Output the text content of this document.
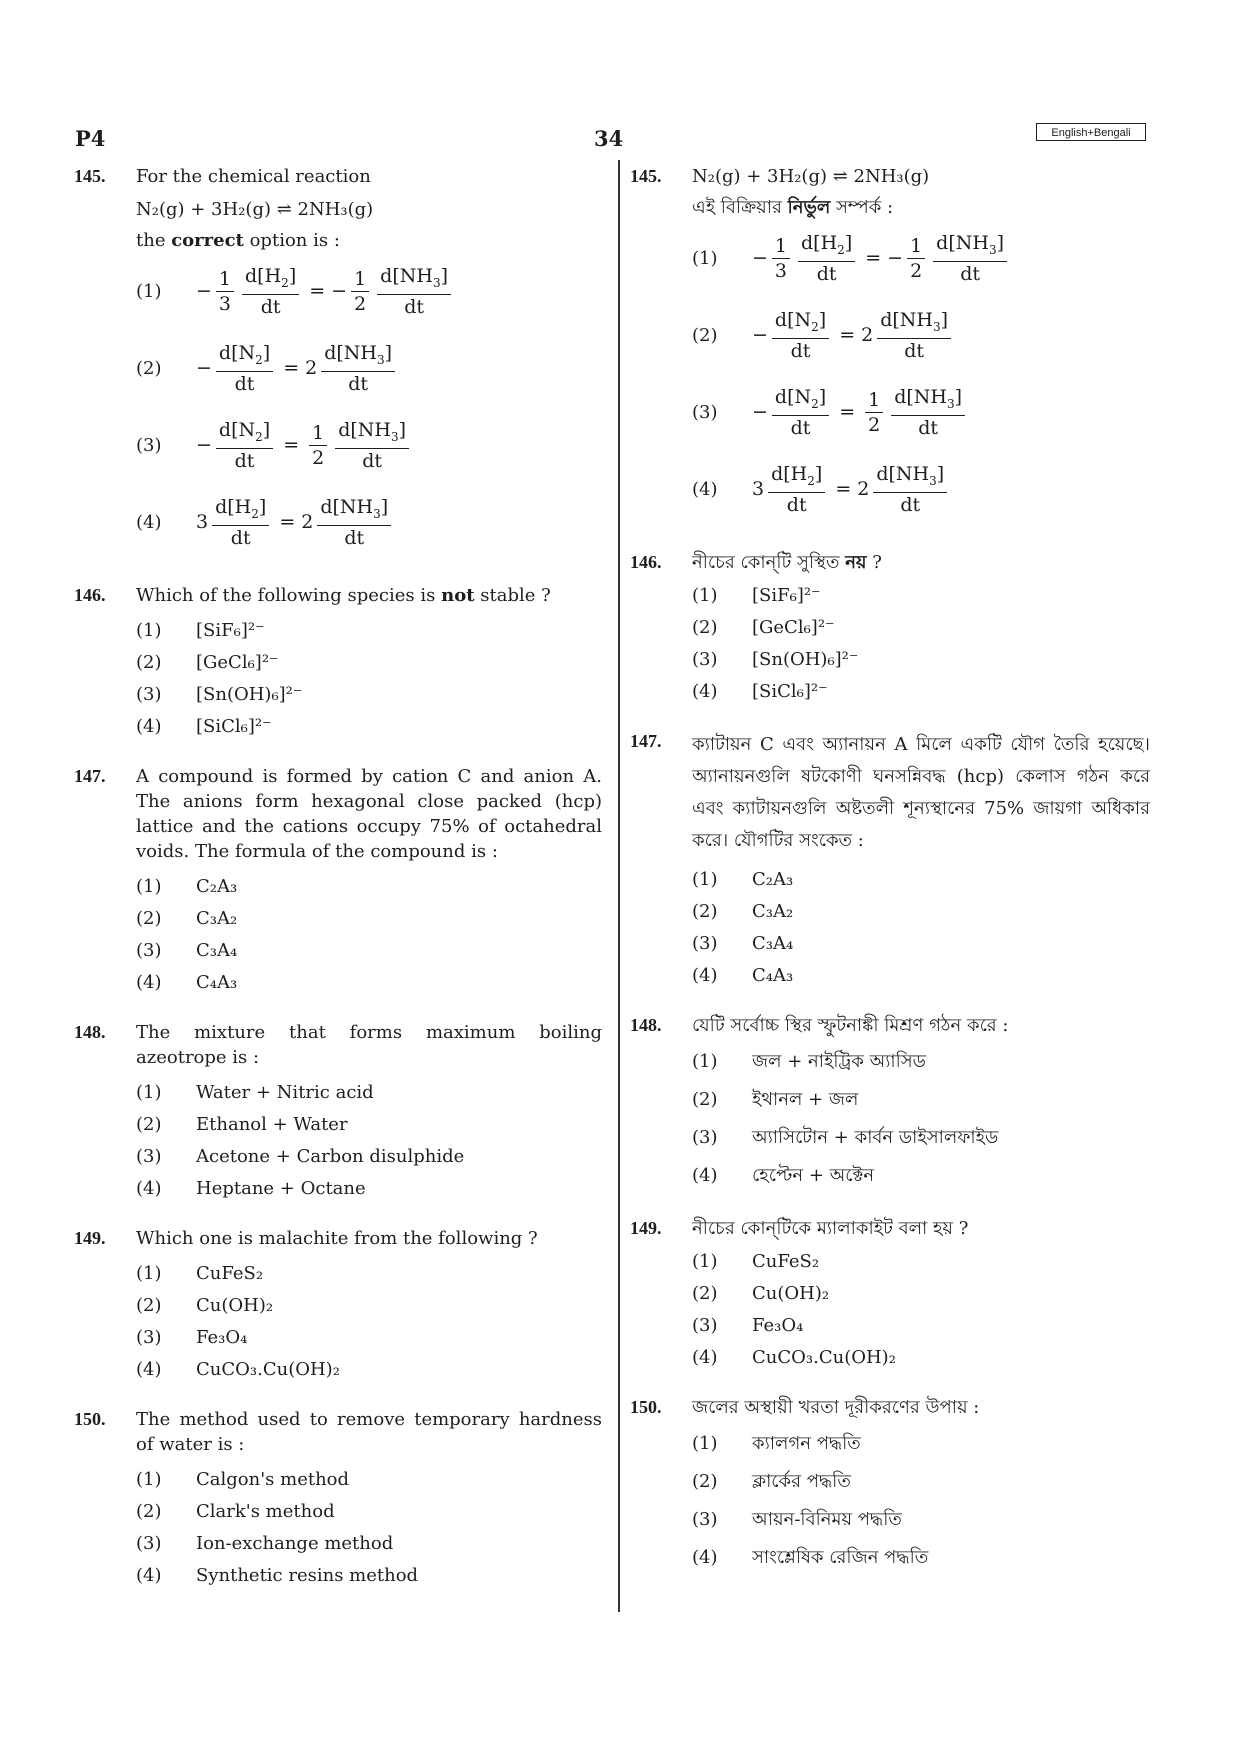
P4	34	English+Bengali
145. For the chemical reaction
N₂(g) + 3H₂(g) ⇌ 2NH₃(g)
the correct option is :
(1)	− $\frac{1}{3} \frac{d[H_2]}{dt}$ = − $\frac{1}{2} \frac{d[NH_3]}{dt}$
(2)	− $\frac{d[N_2]}{dt} = 2 \frac{d[NH_3]}{dt}$
(3)	− $\frac{d[N_2]}{dt} = \frac{1}{2} \frac{d[NH_3]}{dt}$
(4)	$3 \frac{d[H_2]}{dt} = 2 \frac{d[NH_3]}{dt}$
146. Which of the following species is not stable ?
(1)	[SiF₆]²⁻
(2)	[GeCl₆]²⁻
(3)	[Sn(OH)₆]²⁻
(4)	[SiCl₆]²⁻
147. A compound is formed by cation C and anion A. The anions form hexagonal close packed (hcp) lattice and the cations occupy 75% of octahedral voids. The formula of the compound is :
(1)	C₂A₃
(2)	C₃A₂
(3)	C₃A₄
(4)	C₄A₃
148. The mixture that forms maximum boiling azeotrope is :
(1)	Water + Nitric acid
(2)	Ethanol + Water
(3)	Acetone + Carbon disulphide
(4)	Heptane + Octane
149. Which one is malachite from the following ?
(1)	CuFeS₂
(2)	Cu(OH)₂
(3)	Fe₃O₄
(4)	CuCO₃.Cu(OH)₂
150. The method used to remove temporary hardness of water is :
(1)	Calgon's method
(2)	Clark's method
(3)	Ion-exchange method
(4)	Synthetic resins method
145. N₂(g) + 3H₂(g) ⇌ 2NH₃(g)
এই বিক্রিয়ার নির্ভুল সম্পর্ক :
(1)	− $\frac{1}{3} \frac{d[H_2]}{dt}$ = − $\frac{1}{2} \frac{d[NH_3]}{dt}$
(2)	− $\frac{d[N_2]}{dt} = 2 \frac{d[NH_3]}{dt}$
(3)	− $\frac{d[N_2]}{dt} = \frac{1}{2} \frac{d[NH_3]}{dt}$
(4)	$3 \frac{d[H_2]}{dt} = 2 \frac{d[NH_3]}{dt}$
146. নীচের কোন্‌টি সুস্থিত নয় ?
(1)	[SiF₆]²⁻
(2)	[GeCl₆]²⁻
(3)	[Sn(OH)₆]²⁻
(4)	[SiCl₆]²⁻
147. ক্যাটায়ন C এবং অ্যানায়ন A মিলে একটি যৌগ তৈরি হয়েছে। অ্যানায়নগুলি ষটকোণী ঘনসন্নিবদ্ধ (hcp) কেলাস গঠন করে এবং ক্যাটায়নগুলি অষ্টতলী শূন্যস্থানের 75% জায়গা অধিকার করে। যৌগটির সংকেত :
(1)	C₂A₃
(2)	C₃A₂
(3)	C₃A₄
(4)	C₄A₃
148. যেটি সর্বোচ্চ স্থির স্ফুটনাঙ্কী মিশ্রণ গঠন করে :
(1)	জল + নাইট্রিক অ্যাসিড
(2)	ইথানল + জল
(3)	অ্যাসিটোন + কার্বন ডাইসালফাইড
(4)	হেপ্টেন + অক্টেন
149. নীচের কোন্‌টিকে ম্যালাকাইট বলা হয় ?
(1)	CuFeS₂
(2)	Cu(OH)₂
(3)	Fe₃O₄
(4)	CuCO₃.Cu(OH)₂
150. জলের অস্থায়ী খরতা দূরীকরণের উপায় :
(1)	ক্যালগন পদ্ধতি
(2)	ক্লার্কের পদ্ধতি
(3)	আয়ন-বিনিময় পদ্ধতি
(4)	সাংশ্লেষিক রেজিন পদ্ধতি
